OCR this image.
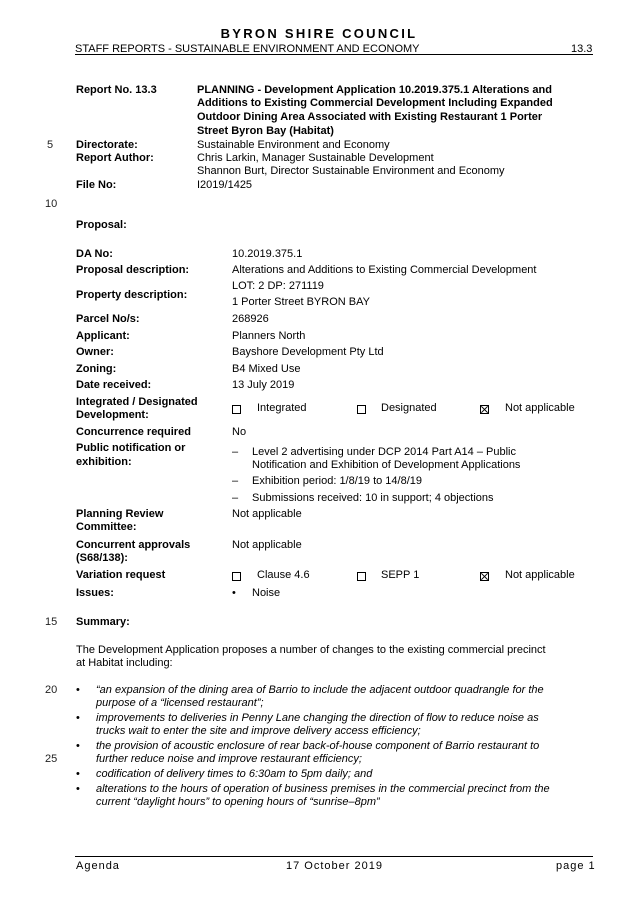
BYRON SHIRE COUNCIL
STAFF REPORTS - SUSTAINABLE ENVIRONMENT AND ECONOMY	13.3
Report No. 13.3	PLANNING - Development Application 10.2019.375.1 Alterations and
Additions to Existing Commercial Development Including Expanded
Outdoor Dining Area Associated with Existing Restaurant 1 Porter
Street Byron Bay (Habitat)
5 Directorate:	Sustainable Environment and Economy
Report Author:	Chris Larkin, Manager Sustainable Development
Shannon Burt, Director Sustainable Environment and Economy
File No:	I2019/1425
10
Proposal:
DA No:	10.2019.375.1
Proposal description:	Alterations and Additions to Existing Commercial Development
Property description:
LOT: 2 DP: 271119
1 Porter Street BYRON BAY
Parcel No/s:	268926
Applicant:	Planners North
Owner:	Bayshore Development Pty Ltd
Zoning:	B4 Mixed Use
Date received:	13 July 2019
Integrated / Designated
Development:
Integrated	Designated	Not applicable
Concurrence required	No
Public notification or
exhibition:
– Level 2 advertising under DCP 2014 Part A14 – Public
Notification and Exhibition of Development Applications
– Exhibition period: 1/8/19 to 14/8/19
– Submissions received: 10 in support; 4 objections
Planning Review
Committee:
Not applicable
Concurrent approvals
(S68/138):
Not applicable
Variation request	Clause 4.6	SEPP 1	Not applicable
Issues:	• Noise
15 Summary:
The Development Application proposes a number of changes to the existing commercial precinct
at Habitat including:
20 • “an expansion of the dining area of Barrio to include the adjacent outdoor quadrangle for the
purpose of a “licensed restaurant”;
• improvements to deliveries in Penny Lane changing the direction of flow to reduce noise as
trucks wait to enter the site and improve delivery access efficiency;
• the provision of acoustic enclosure of rear back-of-house component of Barrio restaurant to
25	further reduce noise and improve restaurant efficiency;
• codification of delivery times to 6:30am to 5pm daily; and
• alterations to the hours of operation of business premises in the commercial precinct from the
current “daylight hours” to opening hours of “sunrise–8pm”
Agenda	17 October 2019	page 1
